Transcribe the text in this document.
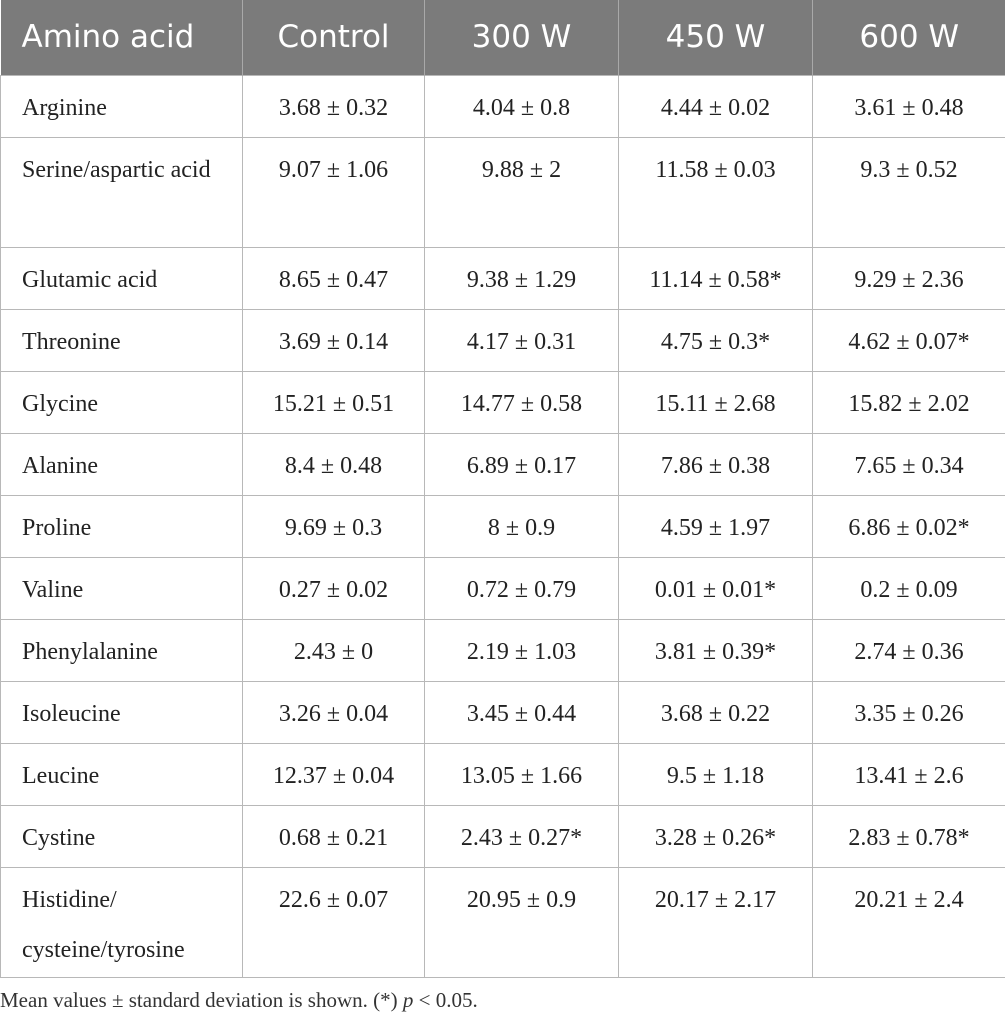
Amino acid	Control	300 W	450 W	600 W
Arginine	3.68 ± 0.32	4.04 ± 0.8	4.44 ± 0.02	3.61 ± 0.48
Serine/aspartic acid	9.07 ± 1.06	9.88 ± 2	11.58 ± 0.03	9.3 ± 0.52
Glutamic acid	8.65 ± 0.47	9.38 ± 1.29	11.14 ± 0.58*	9.29 ± 2.36
Threonine	3.69 ± 0.14	4.17 ± 0.31	4.75 ± 0.3*	4.62 ± 0.07*
Glycine	15.21 ± 0.51	14.77 ± 0.58	15.11 ± 2.68	15.82 ± 2.02
Alanine	8.4 ± 0.48	6.89 ± 0.17	7.86 ± 0.38	7.65 ± 0.34
Proline	9.69 ± 0.3	8 ± 0.9	4.59 ± 1.97	6.86 ± 0.02*
Valine	0.27 ± 0.02	0.72 ± 0.79	0.01 ± 0.01*	0.2 ± 0.09
Phenylalanine	2.43 ± 0	2.19 ± 1.03	3.81 ± 0.39*	2.74 ± 0.36
Isoleucine	3.26 ± 0.04	3.45 ± 0.44	3.68 ± 0.22	3.35 ± 0.26
Leucine	12.37 ± 0.04	13.05 ± 1.66	9.5 ± 1.18	13.41 ± 2.6
Cystine	0.68 ± 0.21	2.43 ± 0.27*	3.28 ± 0.26*	2.83 ± 0.78*
Histidine/ cysteine/tyrosine	22.6 ± 0.07	20.95 ± 0.9	20.17 ± 2.17	20.21 ± 2.4
Mean values ± standard deviation is shown. (*) p < 0.05.
